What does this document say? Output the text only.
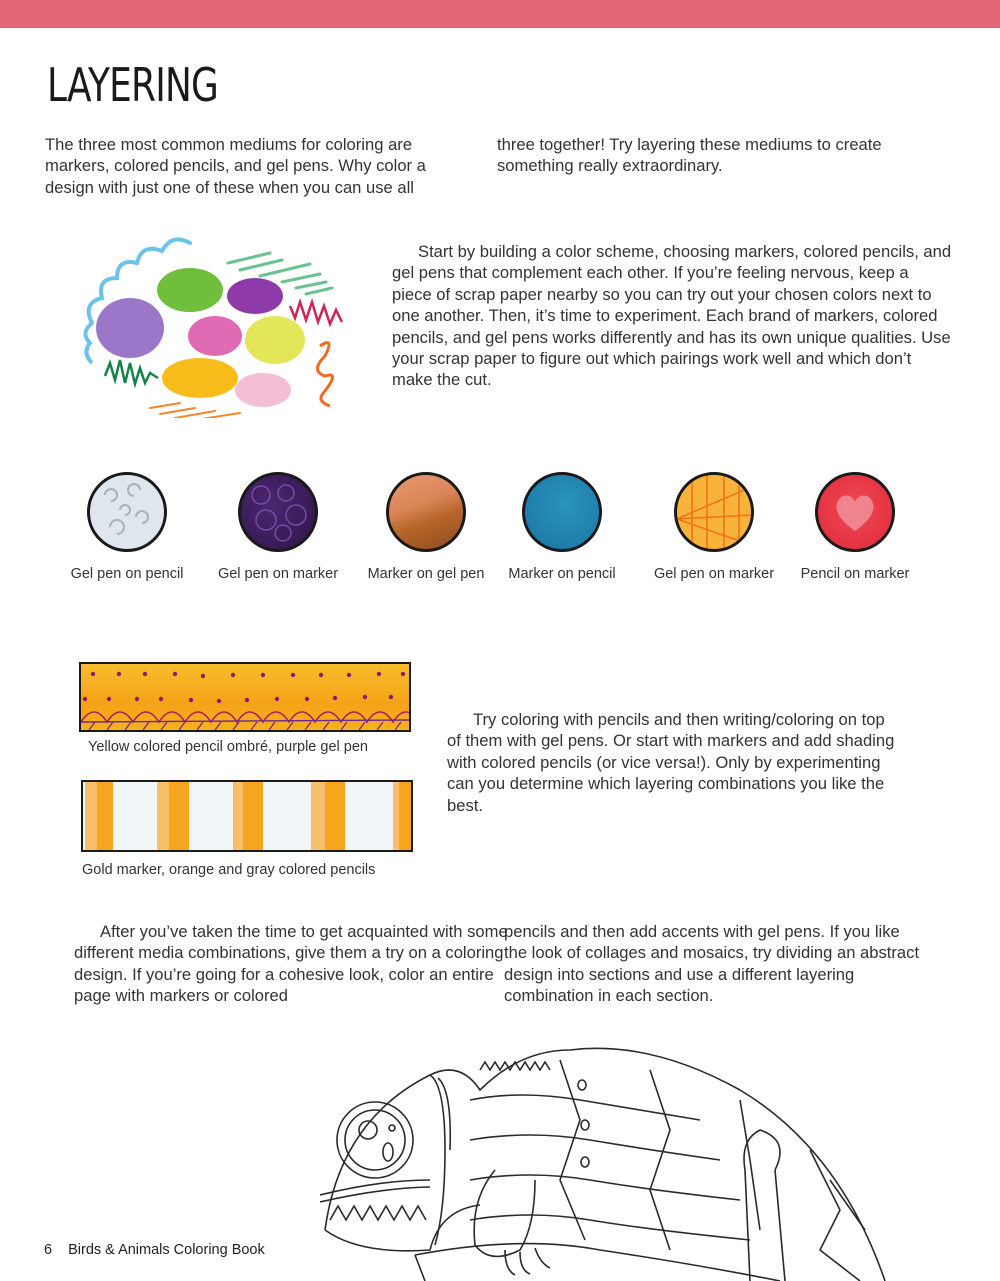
LAYERING

The three most common mediums for coloring are markers, colored pencils, and gel pens. Why color a design with just one of these when you can use all

three together! Try layering these mediums to create something really extraordinary.

Start by building a color scheme, choosing markers, colored pencils, and gel pens that complement each other. If you’re feeling nervous, keep a piece of scrap paper nearby so you can try out your chosen colors next to one another. Then, it’s time to experiment. Each brand of markers, colored pencils, and gel pens works differently and has its own unique qualities. Use your scrap paper to figure out which pairings work well and which don’t make the cut.

Gel pen on pencil	Gel pen on marker	Marker on gel pen	Marker on pencil	Gel pen on marker	Pencil on marker
Yellow colored pencil ombré, purple gel pen
Gold marker, orange and gray colored pencils

Try coloring with pencils and then writing/coloring on top of them with gel pens. Or start with markers and add shading with colored pencils (or vice versa!). Only by experimenting can you determine which layering combinations you like the best.

After you’ve taken the time to get acquainted with some different media combinations, give them a try on a coloring design. If you’re going for a cohesive look, color an entire page with markers or colored

pencils and then add accents with gel pens. If you like the look of collages and mosaics, try dividing an abstract design into sections and use a different layering combination in each section.

6 Birds & Animals Coloring Book
